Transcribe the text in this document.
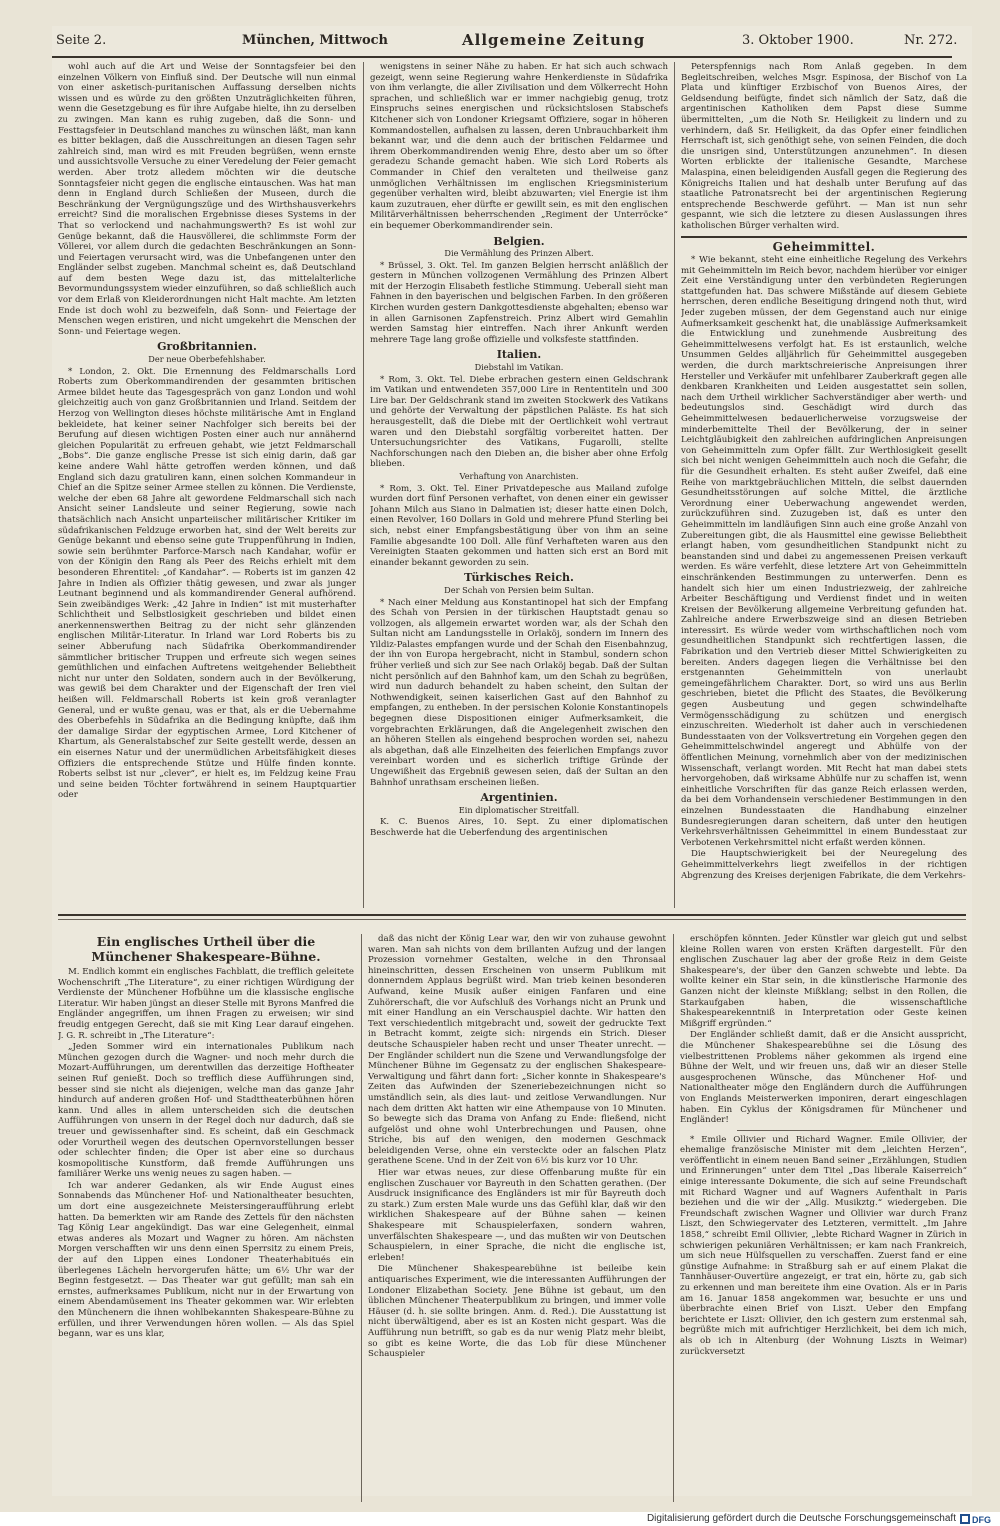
Seite 2.	München, Mittwoch	Allgemeine Zeitung	3. Oktober 1900.	Nr. 272.

wohl auch auf die Art und Weise der Sonntagsfeier bei den einzelnen Völkern von Einfluß sind. Der Deutsche will nun einmal von einer asketisch-puritanischen Auffassung derselben nichts wissen und es würde zu den größten Unzuträglichkeiten führen, wenn die Gesetzgebung es für ihre Aufgabe hielte, ihn zu derselben zu zwingen. Man kann es ruhig zugeben, daß die Sonn- und Festtagsfeier in Deutschland manches zu wünschen läßt, man kann es bitter beklagen, daß die Ausschreitungen an diesen Tagen sehr zahlreich sind, man wird es mit Freuden begrüßen, wenn ernste und aussichtsvolle Versuche zu einer Veredelung der Feier gemacht werden. Aber trotz alledem möchten wir die deutsche Sonntagsfeier nicht gegen die englische eintauschen. Was hat man denn in England durch Schließen der Museen, durch die Beschränkung der Vergnügungszüge und des Wirthshausverkehrs erreicht? Sind die moralischen Ergebnisse dieses Systems in der That so verlockend und nachahmungswerth? Es ist wohl zur Genüge bekannt, daß die Hausvöllerei, die schlimmste Form der Völlerei, vor allem durch die gedachten Beschränkungen an Sonn- und Feiertagen verursacht wird, was die Unbefangenen unter den Engländer selbst zugeben. Manchmal scheint es, daß Deutschland auf dem besten Wege dazu ist, das mittelalterliche Bevormundungssystem wieder einzuführen, so daß schließlich auch vor dem Erlaß von Kleiderordnungen nicht Halt machte. Am letzten Ende ist doch wohl zu bezweifeln, daß Sonn- und Feiertage der Menschen wegen eristiren, und nicht umgekehrt die Menschen der Sonn- und Feiertage wegen.

Großbritannien.
Der neue Oberbefehlshaber.

* London, 2. Okt. Die Ernennung des Feldmarschalls Lord Roberts zum Oberkommandirenden der gesammten britischen Armee bildet heute das Tagesgespräch von ganz London und wohl gleichzeitig auch von ganz Großbritannien und Irland. Seitdem der Herzog von Wellington dieses höchste militärische Amt in England bekleidete, hat keiner seiner Nachfolger sich bereits bei der Berufung auf diesen wichtigen Posten einer auch nur annähernd gleichen Popularität zu erfreuen gehabt, wie jetzt Feldmarschall „Bobs“. Die ganze englische Presse ist sich einig darin, daß gar keine andere Wahl hätte getroffen werden können, und daß England sich dazu gratuliren kann, einen solchen Kommandeur in Chief an die Spitze seiner Armee stellen zu können. Die Verdienste, welche der eben 68 Jahre alt gewordene Feldmarschall sich nach Ansicht seiner Landsleute und seiner Regierung, sowie nach thatsächlich nach Ansicht unparteiischer militärischer Kritiker im südafrikanischen Feldzuge erworben hat, sind der Welt bereits zur Genüge bekannt und ebenso seine gute Truppenführung in Indien, sowie sein berühmter Parforce-Marsch nach Kandahar, wofür er von der Königin den Rang als Peer des Reichs erhielt mit dem besonderen Ehrentitel: „of Kandahar“. — Roberts ist im ganzen 42 Jahre in Indien als Offizier thätig gewesen, und zwar als junger Leutnant beginnend und als kommandirender General aufhörend. Sein zweibändiges Werk: „42 Jahre in Indien“ ist mit musterhafter Schlichtheit und Selbstlosigkeit geschrieben und bildet einen anerkennenswerthen Beitrag zu der nicht sehr glänzenden englischen Militär-Literatur. In Irland war Lord Roberts bis zu seiner Abberufung nach Südafrika Oberkommandirender sämmtlicher britischer Truppen und erfreute sich wegen seines gemüthlichen und einfachen Auftretens weitgehender Beliebtheit nicht nur unter den Soldaten, sondern auch in der Bevölkerung, was gewiß bei dem Charakter und der Eigenschaft der Iren viel heißen will. Feldmarschall Roberts ist kein groß veranlagter General, und er wußte genau, was er that, als er die Uebernahme des Oberbefehls in Südafrika an die Bedingung knüpfte, daß ihm der damalige Sirdar der egyptischen Armee, Lord Kitchener of Khartum, als Generalstabschef zur Seite gestellt werde, dessen an ein eisernes Natur und der unermüdlichen Arbeitsfähigkeit dieses Offiziers die entsprechende Stütze und Hülfe finden konnte. Roberts selbst ist nur „clever“, er hielt es, im Feldzug keine Frau und seine beiden Töchter fortwährend in seinem Hauptquartier oder

wenigstens in seiner Nähe zu haben. Er hat sich auch schwach gezeigt, wenn seine Regierung wahre Henkerdienste in Südafrika von ihm verlangte, die aller Zivilisation und dem Völkerrecht Hohn sprachen, und schließlich war er immer nachgiebig genug, trotz Einspruchs seines energischen und rücksichtslosen Stabschefs Kitchener sich von Londoner Kriegsamt Offiziere, sogar in höheren Kommandostellen, aufhalsen zu lassen, deren Unbrauchbarkeit ihm bekannt war, und die denn auch der britischen Feldarmee und ihrem Oberkommandirenden wenig Ehre, desto aber um so öfter geradezu Schande gemacht haben. Wie sich Lord Roberts als Commander in Chief den veralteten und theilweise ganz unmöglichen Verhältnissen im englischen Kriegsministerium gegenüber verhalten wird, bleibt abzuwarten; viel Energie ist ihm kaum zuzutrauen, eher dürfte er gewillt sein, es mit den englischen Militärverhältnissen beherrschenden „Regiment der Unterröcke“ ein bequemer Oberkommandirender sein.

Belgien.
Die Vermählung des Prinzen Albert.

* Brüssel, 3. Okt. Tel. Im ganzen Belgien herrscht anläßlich der gestern in München vollzogenen Vermählung des Prinzen Albert mit der Herzogin Elisabeth festliche Stimmung. Ueberall sieht man Fahnen in den bayerischen und belgischen Farben. In den größeren Kirchen wurden gestern Dankgottesdienste abgehalten; ebenso war in allen Garnisonen Zapfenstreich. Prinz Albert wird Gemahlin werden Samstag hier eintreffen. Nach ihrer Ankunft werden mehrere Tage lang große offizielle und volksfeste stattfinden.

Italien.
Diebstahl im Vatikan.

* Rom, 3. Okt. Tel. Diebe erbrachen gestern einen Geldschrank im Vatikan und entwendeten 357,000 Lire in Rententiteln und 300 Lire bar. Der Geldschrank stand im zweiten Stockwerk des Vatikans und gehörte der Verwaltung der päpstlichen Paläste. Es hat sich herausgestellt, daß die Diebe mit der Oertlichkeit wohl vertraut waren und den Diebstahl sorgfältig vorbereitet hatten. Der Untersuchungsrichter des Vatikans, Fugarolli, stellte Nachforschungen nach den Dieben an, die bisher aber ohne Erfolg blieben.

Verhaftung von Anarchisten.

* Rom, 3. Okt. Tel. Einer Privatdepesche aus Mailand zufolge wurden dort fünf Personen verhaftet, von denen einer ein gewisser Johann Milch aus Siano in Dalmatien ist; dieser hatte einen Dolch, einen Revolver, 160 Dollars in Gold und mehrere Pfund Sterling bei sich, nebst einer Empfangsbestätigung über von ihm an seine Familie abgesandte 100 Doll. Alle fünf Verhafteten waren aus den Vereinigten Staaten gekommen und hatten sich erst an Bord mit einander bekannt geworden zu sein.

Türkisches Reich.
Der Schah von Persien beim Sultan.

* Nach einer Meldung aus Konstantinopel hat sich der Empfang des Schah von Persien in der türkischen Hauptstadt genau so vollzogen, als allgemein erwartet worden war, als der Schah den Sultan nicht am Landungsstelle in Orlaköj, sondern im Innern des Yildiz-Palastes empfangen wurde und der Schah den Eisenbahnzug, der ihn von Europa hergebracht, nicht in Stambul, sondern schon früher verließ und sich zur See nach Orlaköj begab. Daß der Sultan nicht persönlich auf den Bahnhof kam, um den Schah zu begrüßen, wird nun dadurch behandelt zu haben scheint, den Sultan der Nothwendigkeit, seinen kaiserlichen Gast auf den Bahnhof zu empfangen, zu entheben. In der persischen Kolonie Konstantinopels begegnen diese Dispositionen einiger Aufmerksamkeit, die vorgebrachten Erklärungen, daß die Angelegenheit zwischen den an höheren Stellen als eingehend besprochen worden sei, nahezu als abgethan, daß alle Einzelheiten des feierlichen Empfangs zuvor vereinbart worden und es sicherlich triftige Gründe der Ungewißheit das Ergebniß gewesen seien, daß der Sultan an den Bahnhof unrathsam erscheinen ließen.

Argentinien.
Ein diplomatischer Streitfall.

K. C. Buenos Aires, 10. Sept. Zu einer diplomatischen Beschwerde hat die Ueberfendung des argentinischen

Peterspfennigs nach Rom Anlaß gegeben. In dem Begleitschreiben, welches Msgr. Espinosa, der Bischof von La Plata und künftiger Erzbischof von Buenos Aires, der Geldsendung beifügte, findet sich nämlich der Satz, daß die argentinischen Katholiken dem Papst diese Summe übermittelten, „um die Noth Sr. Heiligkeit zu lindern und zu verhindern, daß Sr. Heiligkeit, da das Opfer einer feindlichen Herrschaft ist, sich genöthigt sehe, von seinen Feinden, die doch die unsrigen sind, Unterstützungen anzunehmen“. In diesen Worten erblickte der italienische Gesandte, Marchese Malaspina, einen beleidigenden Ausfall gegen die Regierung des Königreichs Italien und hat deshalb unter Berufung auf das staatliche Patronatsrecht bei der argentinischen Regierung entsprechende Beschwerde geführt. — Man ist nun sehr gespannt, wie sich die letztere zu diesen Auslassungen ihres katholischen Bürger verhalten wird.

Geheimmittel.

* Wie bekannt, steht eine einheitliche Regelung des Verkehrs mit Geheimmitteln im Reich bevor, nachdem hierüber vor einiger Zeit eine Verständigung unter den verbündeten Regierungen stattgefunden hat. Das schwere Mißstände auf diesem Gebiete herrschen, deren endliche Beseitigung dringend noth thut, wird Jeder zugeben müssen, der dem Gegenstand auch nur einige Aufmerksamkeit geschenkt hat, die unablässige Aufmerksamkeit die Entwicklung und zunehmende Ausbreitung des Geheimmittelwesens verfolgt hat. Es ist erstaunlich, welche Unsummen Geldes alljährlich für Geheimmittel ausgegeben werden, die durch marktschreierische Anpreisungen ihrer Hersteller und Verkäufer mit unfehlbarer Zauberkraft gegen alle denkbaren Krankheiten und Leiden ausgestattet sein sollen, nach dem Urtheil wirklicher Sachverständiger aber werth- und bedeutungslos sind. Geschädigt wird durch das Geheimmittelwesen bedauerlicherweise vorzugsweise der minderbemittelte Theil der Bevölkerung, der in seiner Leichtgläubigkeit den zahlreichen aufdringlichen Anpreisungen von Geheimmitteln zum Opfer fällt. Zur Werthlosigkeit gesellt sich bei nicht wenigen Geheimmitteln auch noch die Gefahr, die für die Gesundheit erhalten. Es steht außer Zweifel, daß eine Reihe von marktgebräuchlichen Mitteln, die selbst dauernden Gesundheitsstörungen auf solche Mittel, die ärztliche Verordnung einer Ueberwachung angewendet werden, zurückzuführen sind. Zuzugeben ist, daß es unter den Geheimmitteln im landläufigen Sinn auch eine große Anzahl von Zubereitungen gibt, die als Hausmittel eine gewisse Beliebtheit erlangt haben, vom gesundheitlichen Standpunkt nicht zu beanstanden sind und dabei zu angemessenen Preisen verkauft werden. Es wäre verfehlt, diese letztere Art von Geheimmitteln einschränkenden Bestimmungen zu unterwerfen. Denn es handelt sich hier um einen Industriezweig, der zahlreiche Arbeiter Beschäftigung und Verdienst findet und in weiten Kreisen der Bevölkerung allgemeine Verbreitung gefunden hat. Zahlreiche andere Erwerbszweige sind an diesen Betrieben interessirt. Es würde weder vom wirthschaftlichen noch vom gesundheitlichen Standpunkt sich rechtfertigen lassen, die Fabrikation und den Vertrieb dieser Mittel Schwierigkeiten zu bereiten. Anders dagegen liegen die Verhältnisse bei den erstgenannten Geheimmitteln von unerlaubt gemeingefährlichem Charakter. Dort, so wird uns aus Berlin geschrieben, bietet die Pflicht des Staates, die Bevölkerung gegen Ausbeutung und gegen schwindelhafte Vermögensschädigung zu schützen und energisch einzuschreiten. Wiederholt ist daher auch in verschiedenen Bundesstaaten von der Volksvertretung ein Vorgehen gegen den Geheimmittelschwindel angeregt und Abhülfe von der öffentlichen Meinung, vornehmlich aber von der medizinischen Wissenschaft, verlangt worden. Mit Recht hat man dabei stets hervorgehoben, daß wirksame Abhülfe nur zu schaffen ist, wenn einheitliche Vorschriften für das ganze Reich erlassen werden, da bei dem Vorhandensein verschiedener Bestimmungen in den einzelnen Bundesstaaten die Handhabung einzelner Bundesregierungen daran scheitern, daß unter den heutigen Verkehrsverhältnissen Geheimmittel in einem Bundesstaat zur Verbotenen Verkehrsmittel nicht erfaßt werden können.

Die Hauptschwierigkeit bei der Neuregelung des Geheimmittelverkehrs liegt zweifellos in der richtigen Abgrenzung des Kreises derjenigen Fabrikate, die dem Verkehrs-

Ein englisches Urtheil über die Münchener Shakespeare-Bühne.

M. Endlich kommt ein englisches Fachblatt, die trefflich geleitete Wochenschrift „The Literature“, zu einer richtigen Würdigung der Verdienste der Münchener Hofbühne um die klassische englische Literatur. Wir haben jüngst an dieser Stelle mit Byrons Manfred die Engländer angegriffen, um ihnen Fragen zu erweisen; wir sind freudig entgegen Gerecht, daß sie mit King Lear darauf eingehen. J. G. R. schreibt in „The Literature“:

„Jeden Sommer wird ein internationales Publikum nach München gezogen durch die Wagner- und noch mehr durch die Mozart-Aufführungen, um derentwillen das derzeitige Hoftheater seinen Ruf genießt. Doch so trefflich diese Aufführungen sind, besser sind sie nicht als diejenigen, welche man das ganze Jahr hindurch auf anderen großen Hof- und Stadttheaterbühnen hören kann. Und alles in allem unterscheiden sich die deutschen Aufführungen von unsern in der Regel doch nur dadurch, daß sie treuer und gewissenhafter sind. Es scheint, daß ein Geschmack oder Vorurtheil wegen des deutschen Opernvorstellungen besser oder schlechter finden; die Oper ist aber eine so durchaus kosmopolitische Kunstform, daß fremde Aufführungen uns familiärer Werke uns wenig neues zu sagen haben. —

Ich war anderer Gedanken, als wir Ende August eines Sonnabends das Münchener Hof- und Nationaltheater besuchten, um dort eine ausgezeichnete Meistersingeraufführung erlebt hatten. Da bemerkten wir am Rande des Zettels für den nächsten Tag König Lear angekündigt. Das war eine Gelegenheit, einmal etwas anderes als Mozart und Wagner zu hören. Am nächsten Morgen verschafften wir uns denn einen Sperrsitz zu einem Preis, der auf den Lippen eines Londoner Theaterhabitués ein überlegenes Lächeln hervorgerufen hätte; um 6½ Uhr war der Beginn festgesetzt. — Das Theater war gut gefüllt; man sah ein ernstes, aufmerksames Publikum, nicht nur in der Erwartung von einem Abendamüsement ins Theater gekommen war. Wir erlebten den Münchenern die ihnen wohlbekannten Shakespeare-Bühne zu erfüllen, und ihrer Verwendungen hören wollen. — Als das Spiel begann, war es uns klar,

daß das nicht der König Lear war, den wir von zuhause gewohnt waren. Man sah nichts von dem brillanten Aufzug und der langen Prozession vornehmer Gestalten, welche in den Thronsaal hineinschritten, dessen Erscheinen von unserm Publikum mit donnerndem Applaus begrüßt wird. Man trieb keinen besonderen Aufwand, keine Musik außer einigen Fanfaren und eine Zuhörerschaft, die vor Aufschluß des Vorhangs nicht an Prunk und mit einer Handlung an ein Verschauspiel dachte. Wir hatten den Text verschiedentlich mitgebracht und, soweit der gedruckte Text in Betracht kommt, zeigte sich: nirgends ein Strich. Dieser deutsche Schauspieler haben recht und unser Theater unrecht. — Der Engländer schildert nun die Szene und Verwandlungsfolge der Münchener Bühne im Gegensatz zu der englischen Shakespeare-Verwaltigung und fährt dann fort: „Sicher konnte in Shakespeare's Zeiten das Aufwinden der Szeneriebezeichnungen nicht so umständlich sein, als dies laut- und zeitlose Verwandlungen. Nur nach dem dritten Akt hatten wir eine Athempause von 10 Minuten. So bewegte sich das Drama von Anfang zu Ende: fließend, nicht aufgelöst und ohne wohl Unterbrechungen und Pausen, ohne Striche, bis auf den wenigen, den modernen Geschmack beleidigenden Verse, ohne ein versteckte oder an falschen Platz gerathene Scene. Und in der Zeit von 6½ bis kurz vor 10 Uhr.

Hier war etwas neues, zur diese Offenbarung mußte für ein englischen Zuschauer vor Bayreuth in den Schatten gerathen. (Der Ausdruck insignificance des Engländers ist mir für Bayreuth doch zu stark.) Zum ersten Male wurde uns das Gefühl klar, daß wir den wirklichen Shakespeare auf der Bühne sahen — keinen Shakespeare mit Schauspielerfaxen, sondern wahren, unverfälschten Shakespeare —, und das mußten wir von Deutschen Schauspielern, in einer Sprache, die nicht die englische ist, erleben!

Die Münchener Shakespearebühne ist beileibe kein antiquarisches Experiment, wie die interessanten Aufführungen der Londoner Elizabethan Society. Jene Bühne ist gebaut, um den üblichen Münchener Theaterpublikum zu bringen, und immer volle Häuser (d. h. sie sollte bringen. Anm. d. Red.). Die Ausstattung ist nicht überwältigend, aber es ist an Kosten nicht gespart. Was die Aufführung nun betrifft, so gab es da nur wenig Platz mehr bleibt, so gibt es keine Worte, die das Lob für diese Münchener Schauspieler

erschöpfen könnten. Jeder Künstler war gleich gut und selbst kleine Rollen waren von ersten Kräften dargestellt. Für den englischen Zuschauer lag aber der große Reiz in dem Geiste Shakespeare's, der über den Ganzen schwebte und lebte. Da wollte keiner ein Star sein, in die künstlerische Harmonie des Ganzen nicht der kleinste Mißklang; selbst in den Rollen, die Starkaufgaben haben, die wissenschaftliche Shakespearekenntniß in Interpretation oder Geste keinen Mißgriff ergründen.“

Der Engländer schließt damit, daß er die Ansicht ausspricht, die Münchener Shakespearebühne sei die Lösung des vielbestrittenen Problems näher gekommen als irgend eine Bühne der Welt, und wir freuen uns, daß wir an dieser Stelle ausgesprochenen Wünsche, das Münchener Hof- und Nationaltheater möge den Engländern durch die Aufführungen von Englands Meisterwerken imponiren, derart eingeschlagen haben. Ein Cyklus der Königsdramen für Münchener und Engländer!

* Emile Ollivier und Richard Wagner. Emile Ollivier, der ehemalige französische Minister mit dem „leichten Herzen“, veröffentlicht in einem neuen Band seiner „Erzählungen, Studien und Erinnerungen“ unter dem Titel „Das liberale Kaiserreich“ einige interessante Dokumente, die sich auf seine Freundschaft mit Richard Wagner und auf Wagners Aufenthalt in Paris beziehen und die wir der „Allg. Musikztg.“ wiedergeben. Die Freundschaft zwischen Wagner und Ollivier war durch Franz Liszt, den Schwiegervater des Letzteren, vermittelt. „Im Jahre 1858,“ schreibt Emil Ollivier, „lebte Richard Wagner in Zürich in schwierigen pekuniären Verhältnissen; er kam nach Frankreich, um sich neue Hülfsquellen zu verschaffen. Zuerst fand er eine günstige Aufnahme: in Straßburg sah er auf einem Plakat die Tannhäuser-Ouvertüre angezeigt, er trat ein, hörte zu, gab sich zu erkennen und man bereitete ihm eine Ovation. Als er in Paris am 16. Januar 1858 angekommen war, besuchte er uns und überbrachte einen Brief von Liszt. Ueber den Empfang berichtete er Liszt: Ollivier, den ich gestern zum erstenmal sah, begrüßte mich mit aufrichtiger Herzlichkeit, bei dem ich mich, als ob ich in Altenburg (der Wohnung Liszts in Weimar) zurückversetzt

Digitalisierung gefördert durch die Deutsche Forschungsgemeinschaft DFG
